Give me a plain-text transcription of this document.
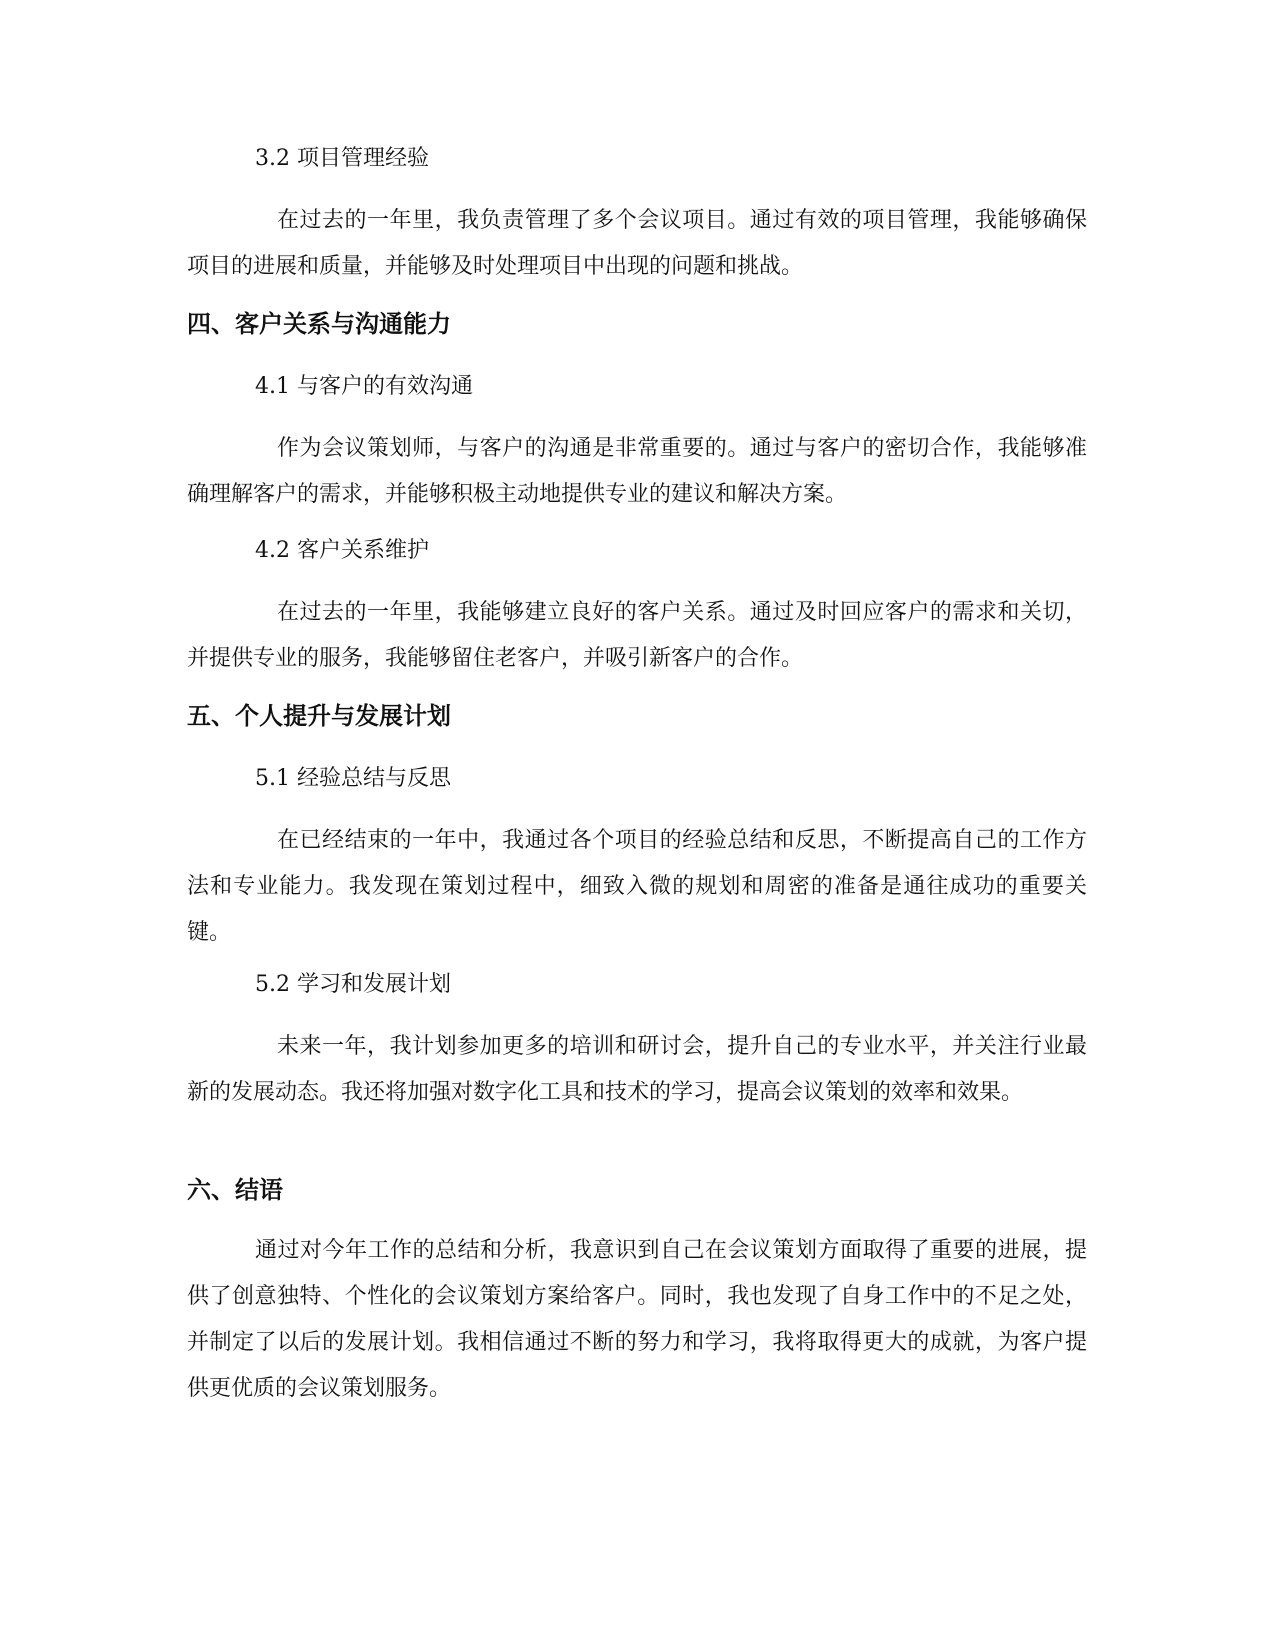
3.2 项目管理经验

在过去的一年里，我负责管理了多个会议项目。通过有效的项目管理，我能够确保项目的进展和质量，并能够及时处理项目中出现的问题和挑战。

四、客户关系与沟通能力

4.1 与客户的有效沟通

作为会议策划师，与客户的沟通是非常重要的。通过与客户的密切合作，我能够准确理解客户的需求，并能够积极主动地提供专业的建议和解决方案。

4.2 客户关系维护

在过去的一年里，我能够建立良好的客户关系。通过及时回应客户的需求和关切，并提供专业的服务，我能够留住老客户，并吸引新客户的合作。

五、个人提升与发展计划

5.1 经验总结与反思

在已经结束的一年中，我通过各个项目的经验总结和反思，不断提高自己的工作方法和专业能力。我发现在策划过程中，细致入微的规划和周密的准备是通往成功的重要关键。

5.2 学习和发展计划

未来一年，我计划参加更多的培训和研讨会，提升自己的专业水平，并关注行业最新的发展动态。我还将加强对数字化工具和技术的学习，提高会议策划的效率和效果。

六、结语

通过对今年工作的总结和分析，我意识到自己在会议策划方面取得了重要的进展，提供了创意独特、个性化的会议策划方案给客户。同时，我也发现了自身工作中的不足之处，并制定了以后的发展计划。我相信通过不断的努力和学习，我将取得更大的成就，为客户提供更优质的会议策划服务。
